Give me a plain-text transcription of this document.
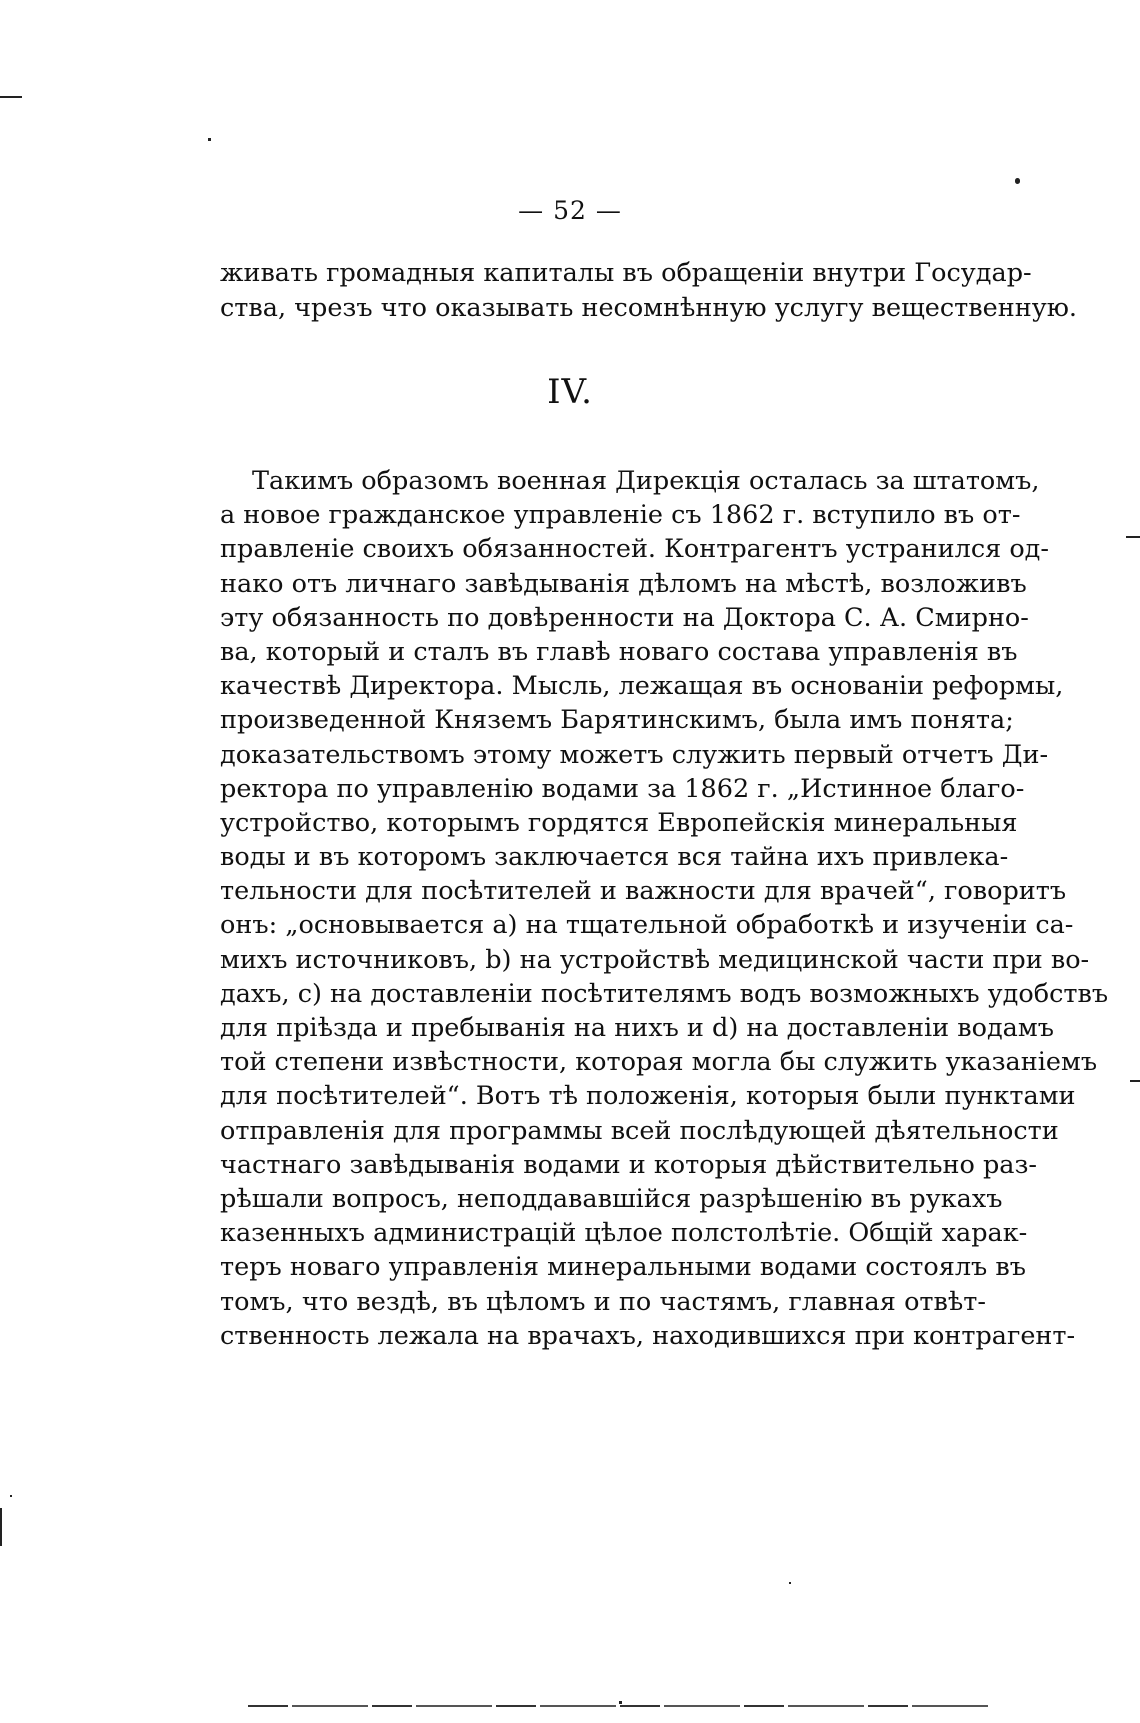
— 52 —
живать громадныя капиталы въ обращеніи внутри Государ-
ства, чрезъ что оказывать несомнѣнную услугу вещественную.
IV.
Такимъ образомъ военная Дирекція осталась за штатомъ,
а новое гражданское управленіе съ 1862 г. вступило въ от-
правленіе своихъ обязанностей. Контрагентъ устранился од-
нако отъ личнаго завѣдыванія дѣломъ на мѣстѣ, возложивъ
эту обязанность по довѣренности на Доктора С. А. Смирно-
ва, который и сталъ въ главѣ новаго состава управленія въ
качествѣ Директора. Мысль, лежащая въ основаніи реформы,
произведенной Княземъ Барятинскимъ, была имъ понята;
доказательствомъ этому можетъ служить первый отчетъ Ди-
ректора по управленію водами за 1862 г. „Истинное благо-
устройство, которымъ гордятся Европейскія минеральныя
воды и въ которомъ заключается вся тайна ихъ привлека-
тельности для посѣтителей и важности для врачей“, говоритъ
онъ: „основывается a) на тщательной обработкѣ и изученіи са-
михъ источниковъ, b) на устройствѣ медицинской части при во-
дахъ, c) на доставленіи посѣтителямъ водъ возможныхъ удобствъ
для пріѣзда и пребыванія на нихъ и d) на доставленіи водамъ
той степени извѣстности, которая могла бы служить указаніемъ
для посѣтителей“. Вотъ тѣ положенія, которыя были пунктами
отправленія для программы всей послѣдующей дѣятельности
частнаго завѣдыванія водами и которыя дѣйствительно раз-
рѣшали вопросъ, неподдававшійся разрѣшенію въ рукахъ
казенныхъ администрацій цѣлое полстолѣтіе. Общій харак-
теръ новаго управленія минеральными водами состоялъ въ
томъ, что вездѣ, въ цѣломъ и по частямъ, главная отвѣт-
ственность лежала на врачахъ, находившихся при контрагент-
